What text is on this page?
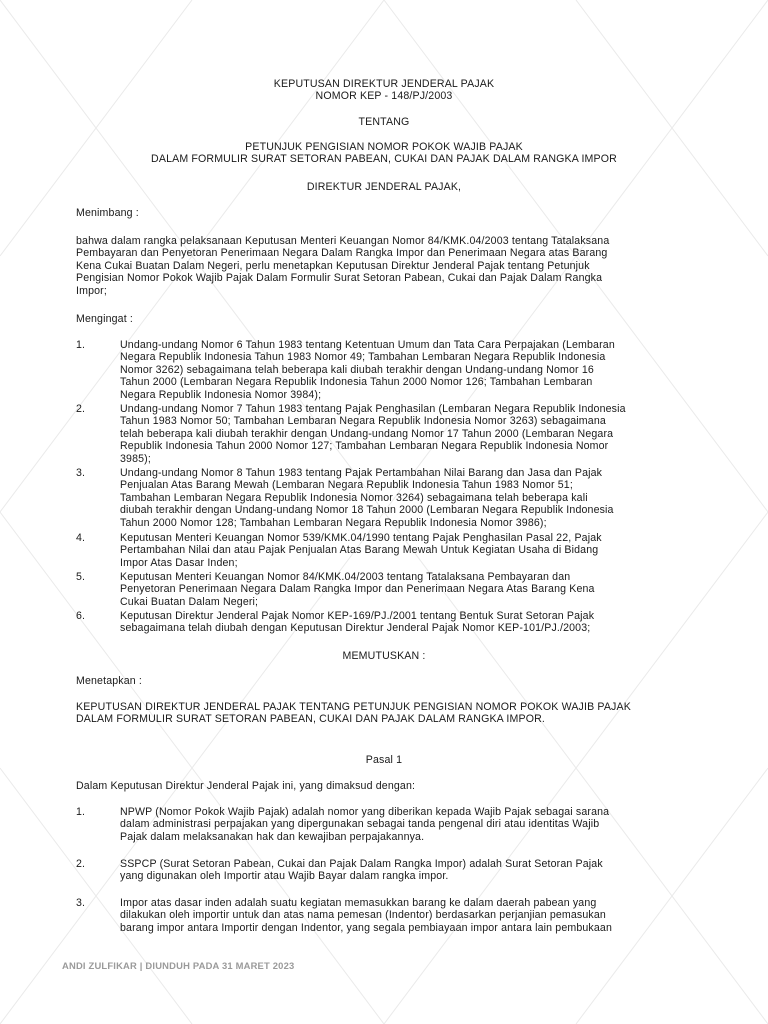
KEPUTUSAN DIREKTUR JENDERAL PAJAK
NOMOR KEP - 148/PJ/2003
TENTANG
PETUNJUK PENGISIAN NOMOR POKOK WAJIB PAJAK
DALAM FORMULIR SURAT SETORAN PABEAN, CUKAI DAN PAJAK DALAM RANGKA IMPOR
DIREKTUR JENDERAL PAJAK,
Menimbang :
bahwa dalam rangka pelaksanaan Keputusan Menteri Keuangan Nomor 84/KMK.04/2003 tentang Tatalaksana
Pembayaran dan Penyetoran Penerimaan Negara Dalam Rangka Impor dan Penerimaan Negara atas Barang
Kena Cukai Buatan Dalam Negeri, perlu menetapkan Keputusan Direktur Jenderal Pajak tentang Petunjuk
Pengisian Nomor Pokok Wajib Pajak Dalam Formulir Surat Setoran Pabean, Cukai dan Pajak Dalam Rangka
Impor;
Mengingat :
1.	Undang-undang Nomor 6 Tahun 1983 tentang Ketentuan Umum dan Tata Cara Perpajakan (Lembaran
Negara Republik Indonesia Tahun 1983 Nomor 49; Tambahan Lembaran Negara Republik Indonesia
Nomor 3262) sebagaimana telah beberapa kali diubah terakhir dengan Undang-undang Nomor 16
Tahun 2000 (Lembaran Negara Republik Indonesia Tahun 2000 Nomor 126; Tambahan Lembaran
Negara Republik Indonesia Nomor 3984);
2.	Undang-undang Nomor 7 Tahun 1983 tentang Pajak Penghasilan (Lembaran Negara Republik Indonesia
Tahun 1983 Nomor 50; Tambahan Lembaran Negara Republik Indonesia Nomor 3263) sebagaimana
telah beberapa kali diubah terakhir dengan Undang-undang Nomor 17 Tahun 2000 (Lembaran Negara
Republik Indonesia Tahun 2000 Nomor 127; Tambahan Lembaran Negara Republik Indonesia Nomor
3985);
3.	Undang-undang Nomor 8 Tahun 1983 tentang Pajak Pertambahan Nilai Barang dan Jasa dan Pajak
Penjualan Atas Barang Mewah (Lembaran Negara Republik Indonesia Tahun 1983 Nomor 51;
Tambahan Lembaran Negara Republik Indonesia Nomor 3264) sebagaimana telah beberapa kali
diubah terakhir dengan Undang-undang Nomor 18 Tahun 2000 (Lembaran Negara Republik Indonesia
Tahun 2000 Nomor 128; Tambahan Lembaran Negara Republik Indonesia Nomor 3986);
4.	Keputusan Menteri Keuangan Nomor 539/KMK.04/1990 tentang Pajak Penghasilan Pasal 22, Pajak
Pertambahan Nilai dan atau Pajak Penjualan Atas Barang Mewah Untuk Kegiatan Usaha di Bidang
Impor Atas Dasar Inden;
5.	Keputusan Menteri Keuangan Nomor 84/KMK.04/2003 tentang Tatalaksana Pembayaran dan
Penyetoran Penerimaan Negara Dalam Rangka Impor dan Penerimaan Negara Atas Barang Kena
Cukai Buatan Dalam Negeri;
6.	Keputusan Direktur Jenderal Pajak Nomor KEP-169/PJ./2001 tentang Bentuk Surat Setoran Pajak
sebagaimana telah diubah dengan Keputusan Direktur Jenderal Pajak Nomor KEP-101/PJ./2003;
MEMUTUSKAN :
Menetapkan :
KEPUTUSAN DIREKTUR JENDERAL PAJAK TENTANG PETUNJUK PENGISIAN NOMOR POKOK WAJIB PAJAK
DALAM FORMULIR SURAT SETORAN PABEAN, CUKAI DAN PAJAK DALAM RANGKA IMPOR.
Pasal 1
Dalam Keputusan Direktur Jenderal Pajak ini, yang dimaksud dengan:
1.	NPWP (Nomor Pokok Wajib Pajak) adalah nomor yang diberikan kepada Wajib Pajak sebagai sarana
dalam administrasi perpajakan yang dipergunakan sebagai tanda pengenal diri atau identitas Wajib
Pajak dalam melaksanakan hak dan kewajiban perpajakannya.
2.	SSPCP (Surat Setoran Pabean, Cukai dan Pajak Dalam Rangka Impor) adalah Surat Setoran Pajak
yang digunakan oleh Importir atau Wajib Bayar dalam rangka impor.
3.	Impor atas dasar inden adalah suatu kegiatan memasukkan barang ke dalam daerah pabean yang
dilakukan oleh importir untuk dan atas nama pemesan (Indentor) berdasarkan perjanjian pemasukan
barang impor antara Importir dengan Indentor, yang segala pembiayaan impor antara lain pembukaan
ANDI ZULFIKAR | DIUNDUH PADA 31 MARET 2023
